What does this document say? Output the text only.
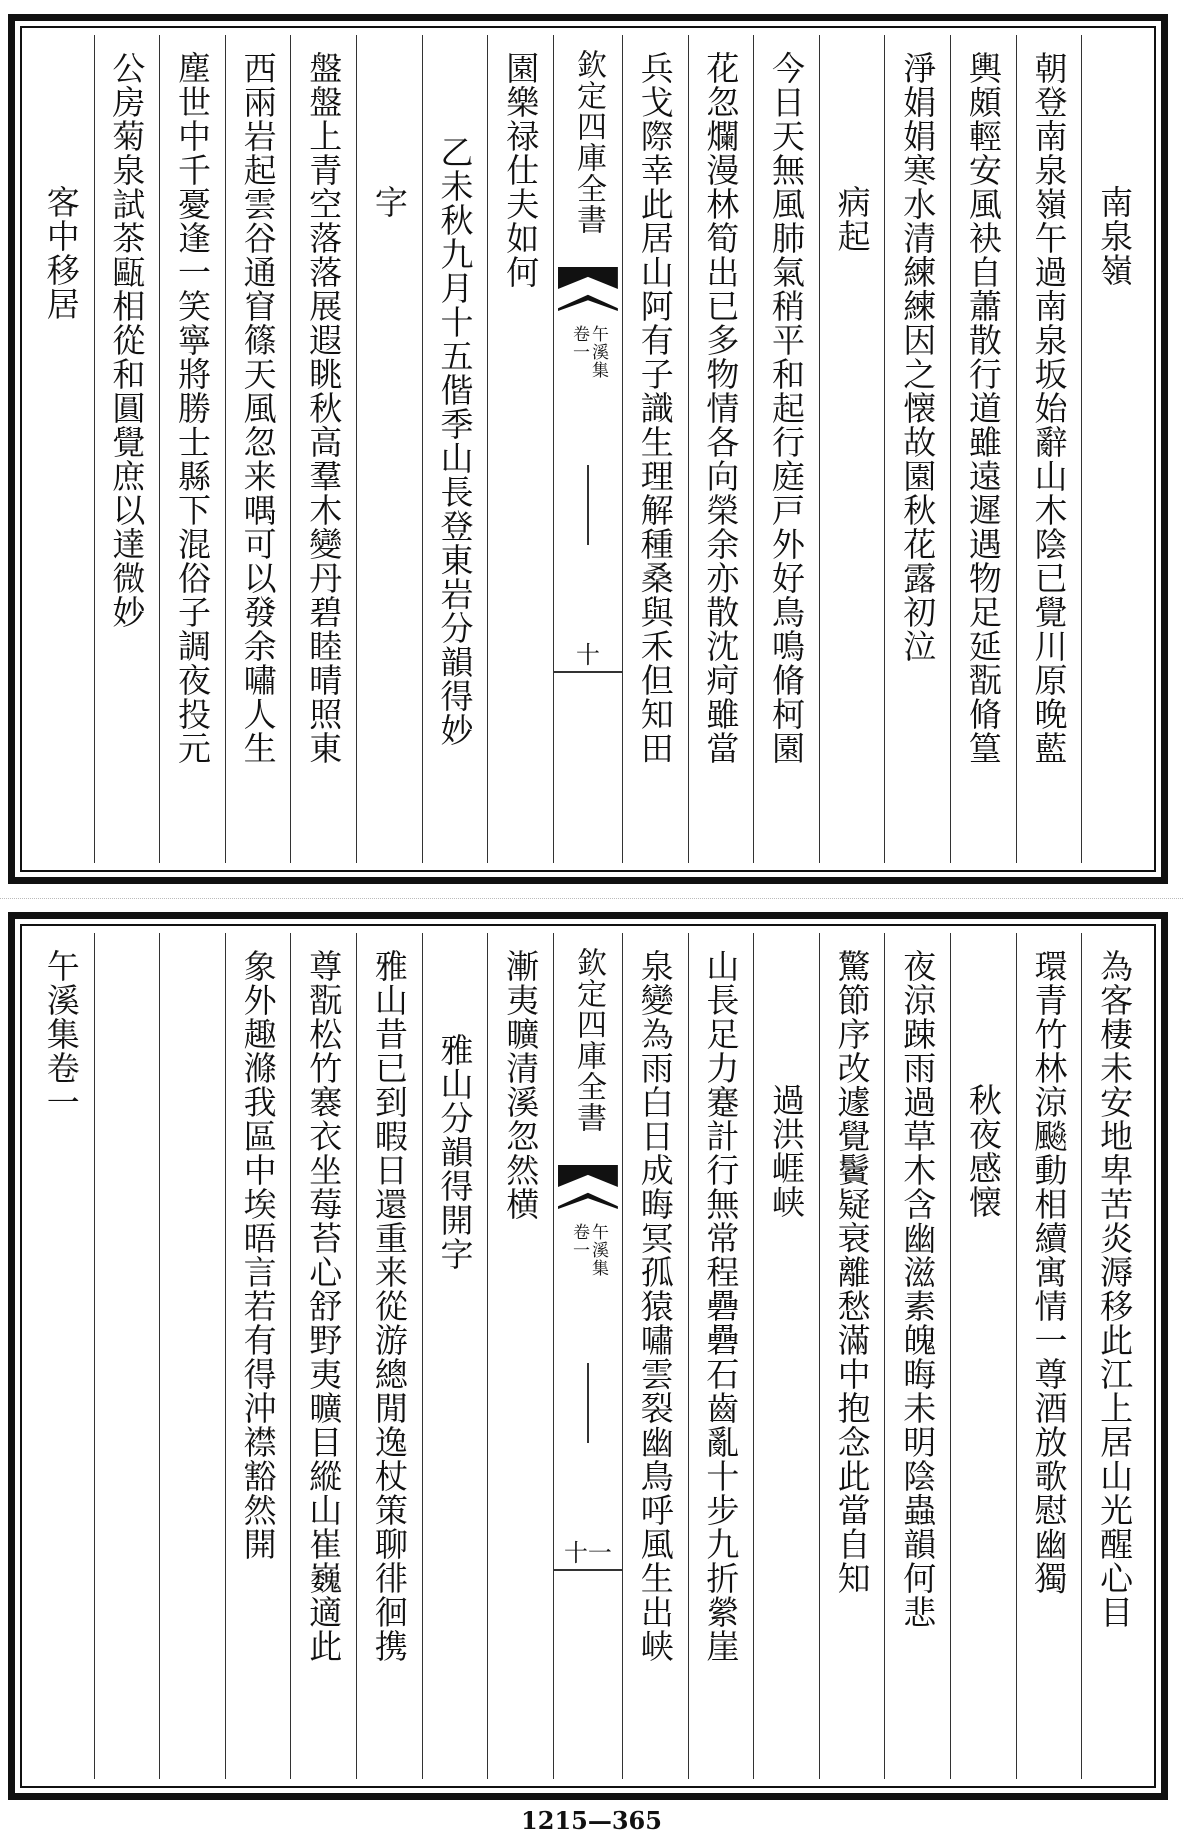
南泉嶺
朝登南泉嶺午過南泉坂始辭山木陰已覺川原晚藍
輿頗輕安風袂自蕭散行道雖遠遲遇物足延翫脩篁
淨娟娟寒水清練練因之懐故園秋花露初泣
病起
今日天無風肺氣稍平和起行庭戸外好鳥鳴脩柯園
花忽爛漫林筍出已多物情各向榮余亦散沈疴雖當
兵戈際幸此居山阿有子識生理解種桑與禾但知田
欽定四庫全書
午溪集
卷一
十
園樂禄仕夫如何
乙未秋九月十五偕季山長登東岩分韻得妙
字
盤盤上青空落落展遐眺秋高羣木變丹碧睦晴照東
西兩岩起雲谷通窅篠天風忽来喁可以發余嘯人生
塵世中千憂逢一笑寧將勝士縣下混俗子調夜投元
公房菊泉試茶甌相從和圓覺庶以達微妙
客中移居
為客棲未安地卑苦炎溽移此江上居山光醒心目
環青竹林涼飈動相續寓情一尊酒放歌慰幽獨
秋夜感懐
夜涼踈雨過草木含幽滋素魄晦未明陰蟲韻何悲
驚節序改遽覺鬢疑衰離愁滿中抱念此當自知
過洪崕峡
山長足力蹇計行無常程礨礨石齒亂十步九折縈崖
泉變為雨白日成晦冥孤猿嘯雲裂幽鳥呼風生出峡
欽定四庫全書
午溪集
卷一
十一
漸夷曠清溪忽然横
雅山分韻得開字
雅山昔已到暇日還重来從游總閒逸杖策聊徘徊携
尊翫松竹褰衣坐莓苔心舒野夷曠目縱山崔巍適此
象外趣滌我區中埃晤言若有得沖襟豁然開
午溪集卷一
1215—365
